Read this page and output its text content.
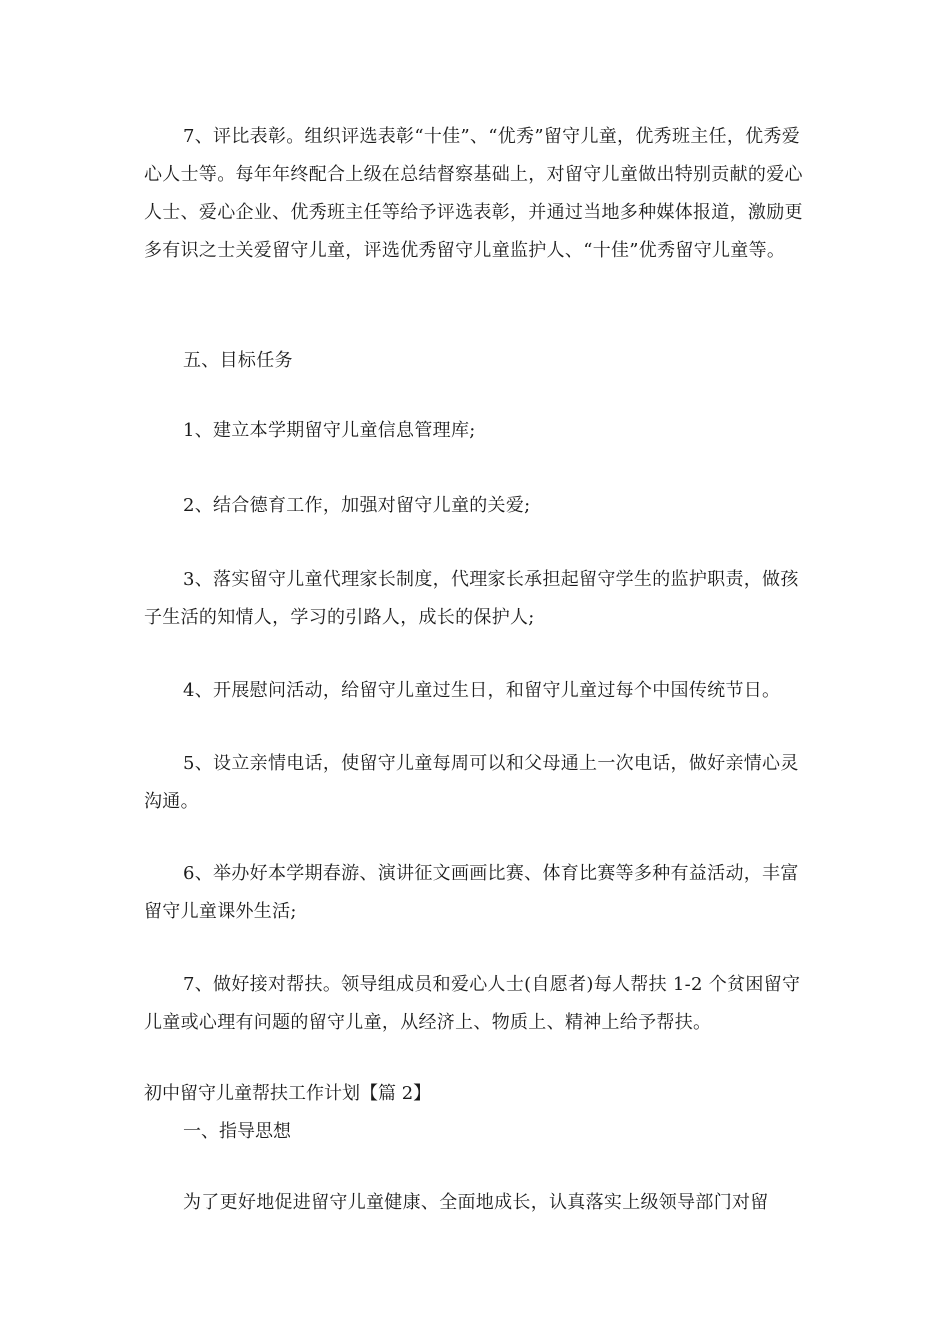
7、评比表彰。组织评选表彰“十佳”、“优秀”留守儿童，优秀班主任，优秀爱心人士等。每年年终配合上级在总结督察基础上，对留守儿童做出特别贡献的爱心人士、爱心企业、优秀班主任等给予评选表彰，并通过当地多种媒体报道，激励更多有识之士关爱留守儿童，评选优秀留守儿童监护人、“十佳”优秀留守儿童等。

五、目标任务

1、建立本学期留守儿童信息管理库;

2、结合德育工作，加强对留守儿童的关爱;

3、落实留守儿童代理家长制度，代理家长承担起留守学生的监护职责，做孩子生活的知情人，学习的引路人，成长的保护人;

4、开展慰问活动，给留守儿童过生日，和留守儿童过每个中国传统节日。

5、设立亲情电话，使留守儿童每周可以和父母通上一次电话，做好亲情心灵沟通。

6、举办好本学期春游、演讲征文画画比赛、体育比赛等多种有益活动，丰富留守儿童课外生活;

7、做好接对帮扶。领导组成员和爱心人士(自愿者)每人帮扶 1-2 个贫困留守儿童或心理有问题的留守儿童，从经济上、物质上、精神上给予帮扶。

初中留守儿童帮扶工作计划【篇 2】

一、指导思想

为了更好地促进留守儿童健康、全面地成长，认真落实上级领导部门对留
